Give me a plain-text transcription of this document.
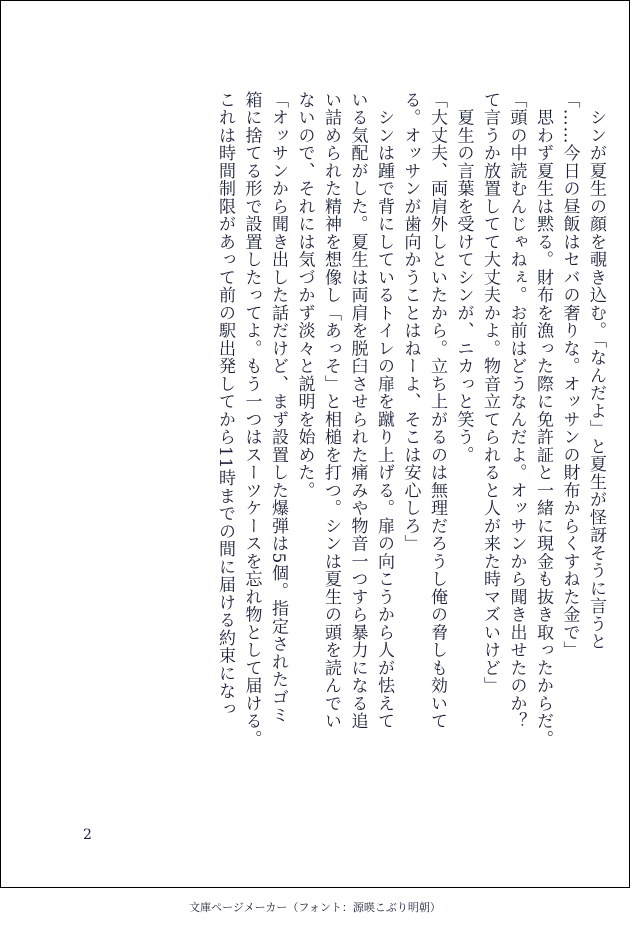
　シンが夏生の顔を覗き込む。「なんだよ」と夏生が怪訝そうに言うと
「……今日の昼飯はセバの奢りな。オッサンの財布からくすねた金で」
　思わず夏生は黙る。財布を漁った際に免許証と一緒に現金も抜き取ったからだ。
「頭の中読むんじゃねぇ。お前はどうなんだよ。オッサンから聞き出せたのか？
て言うか放置してて大丈夫かよ。物音立てられると人が来た時マズいけど」
　夏生の言葉を受けてシンが、ニカっと笑う。
「大丈夫、両肩外しといたから。立ち上がるのは無理だろうし俺の脅しも効いて
る。オッサンが歯向かうことはねーよ、そこは安心しろ」
　シンは踵で背にしているトイレの扉を蹴り上げる。扉の向こうから人が怯えて
いる気配がした。夏生は両肩を脱臼させられた痛みや物音一つすら暴力になる追
い詰められた精神を想像し「あっそ」と相槌を打つ。シンは夏生の頭を読んでい
ないので、それには気づかず淡々と説明を始めた。
「オッサンから聞き出した話だけど、まず設置した爆弾は5個。指定されたゴミ
箱に捨てる形で設置したってよ。もう一つはスーツケースを忘れ物として届ける。
これは時間制限があって前の駅出発してから11時までの間に届ける約束になっ
2
文庫ページメーカー（フォント：源暎こぶり明朝）
